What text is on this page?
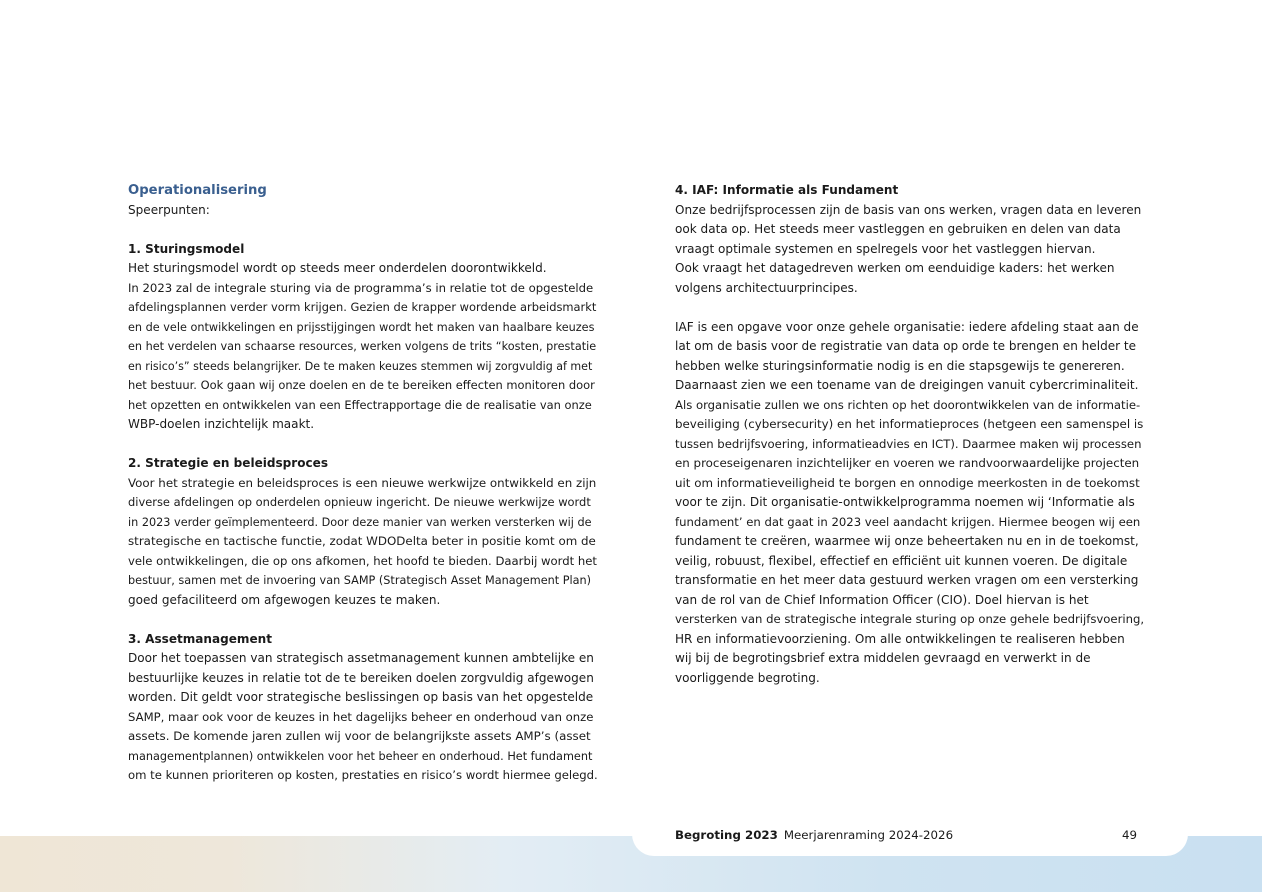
Operationalisering
Speerpunten:
1. Sturingsmodel
Het sturingsmodel wordt op steeds meer onderdelen doorontwikkeld.
In 2023 zal de integrale sturing via de programma’s in relatie tot de opgestelde
afdelingsplannen verder vorm krijgen. Gezien de krapper wordende arbeidsmarkt
en de vele ontwikkelingen en prijsstijgingen wordt het maken van haalbare keuzes
en het verdelen van schaarse resources, werken volgens de trits “kosten, prestatie
en risico’s” steeds belangrijker. De te maken keuzes stemmen wij zorgvuldig af met
het bestuur. Ook gaan wij onze doelen en de te bereiken effecten monitoren door
het opzetten en ontwikkelen van een Effectrapportage die de realisatie van onze
WBP-doelen inzichtelijk maakt.
2. Strategie en beleidsproces
Voor het strategie en beleidsproces is een nieuwe werkwijze ontwikkeld en zijn
diverse afdelingen op onderdelen opnieuw ingericht. De nieuwe werkwijze wordt
in 2023 verder geïmplementeerd. Door deze manier van werken versterken wij de
strategische en tactische functie, zodat WDODelta beter in positie komt om de
vele ontwikkelingen, die op ons afkomen, het hoofd te bieden. Daarbij wordt het
bestuur, samen met de invoering van SAMP (Strategisch Asset Management Plan)
goed gefaciliteerd om afgewogen keuzes te maken.
3. Assetmanagement
Door het toepassen van strategisch assetmanagement kunnen ambtelijke en
bestuurlijke keuzes in relatie tot de te bereiken doelen zorgvuldig afgewogen
worden. Dit geldt voor strategische beslissingen op basis van het opgestelde
SAMP, maar ook voor de keuzes in het dagelijks beheer en onderhoud van onze
assets. De komende jaren zullen wij voor de belangrijkste assets AMP’s (asset
managementplannen) ontwikkelen voor het beheer en onderhoud. Het fundament
om te kunnen prioriteren op kosten, prestaties en risico’s wordt hiermee gelegd.
4. IAF: Informatie als Fundament
Onze bedrijfsprocessen zijn de basis van ons werken, vragen data en leveren
ook data op. Het steeds meer vastleggen en gebruiken en delen van data
vraagt optimale systemen en spelregels voor het vastleggen hiervan.
Ook vraagt het datagedreven werken om eenduidige kaders: het werken
volgens architectuurprincipes.
IAF is een opgave voor onze gehele organisatie: iedere afdeling staat aan de
lat om de basis voor de registratie van data op orde te brengen en helder te
hebben welke sturingsinformatie nodig is en die stapsgewijs te genereren.
Daarnaast zien we een toename van de dreigingen vanuit cybercriminaliteit.
Als organisatie zullen we ons richten op het doorontwikkelen van de informatie-
beveiliging (cybersecurity) en het informatieproces (hetgeen een samenspel is
tussen bedrijfsvoering, informatieadvies en ICT). Daarmee maken wij processen
en proceseigenaren inzichtelijker en voeren we randvoorwaardelijke projecten
uit om informatieveiligheid te borgen en onnodige meerkosten in de toekomst
voor te zijn. Dit organisatie-ontwikkelprogramma noemen wij ‘Informatie als
fundament’ en dat gaat in 2023 veel aandacht krijgen. Hiermee beogen wij een
fundament te creëren, waarmee wij onze beheertaken nu en in de toekomst,
veilig, robuust, flexibel, effectief en efficiënt uit kunnen voeren. De digitale
transformatie en het meer data gestuurd werken vragen om een versterking
van de rol van de Chief Information Officer (CIO). Doel hiervan is het
versterken van de strategische integrale sturing op onze gehele bedrijfsvoering,
HR en informatievoorziening. Om alle ontwikkelingen te realiseren hebben
wij bij de begrotingsbrief extra middelen gevraagd en verwerkt in de
voorliggende begroting.
Begroting 2023 Meerjarenraming 2024-2026	49
